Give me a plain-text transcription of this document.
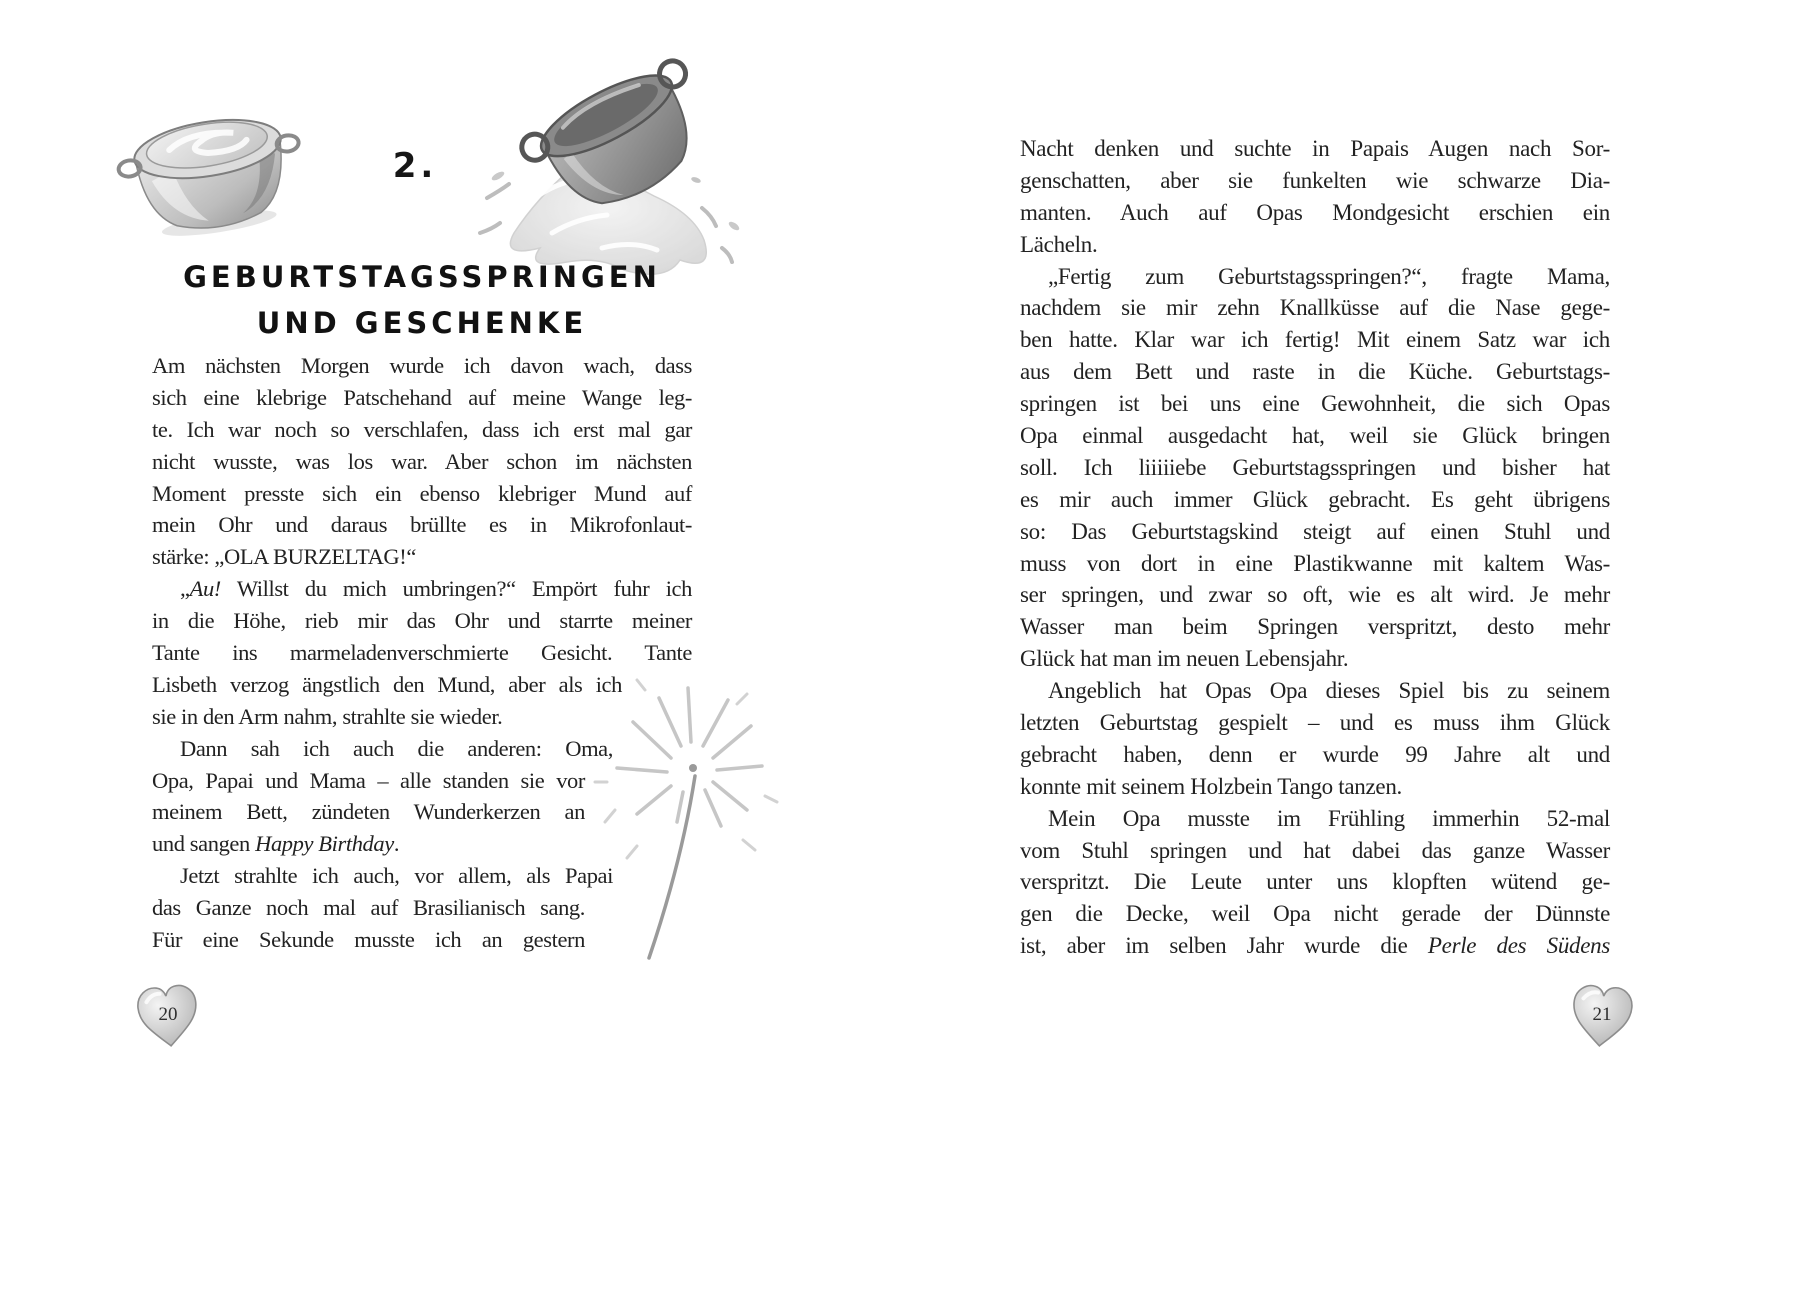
2.
GEBURTSTAGSSPRINGEN
UND GESCHENKE
Am nächsten Morgen wurde ich davon wach, dass
sich eine klebrige Patschehand auf meine Wange leg-
te. Ich war noch so verschlafen, dass ich erst mal gar
nicht wusste, was los war. Aber schon im nächsten
Moment presste sich ein ebenso klebriger Mund auf
mein Ohr und daraus brüllte es in Mikrofonlaut-
stärke: „OLA BURZELTAG!“
„Au! Willst du mich umbringen?“ Empört fuhr ich
in die Höhe, rieb mir das Ohr und starrte meiner
Tante ins marmeladenverschmierte Gesicht. Tante
Lisbeth verzog ängstlich den Mund, aber als ich
sie in den Arm nahm, strahlte sie wieder.
Dann sah ich auch die anderen: Oma,
Opa, Papai und Mama – alle standen sie vor
meinem Bett, zündeten Wunderkerzen an
und sangen Happy Birthday.
Jetzt strahlte ich auch, vor allem, als Papai
das Ganze noch mal auf Brasilianisch sang.
Für eine Sekunde musste ich an gestern
20
Nacht denken und suchte in Papais Augen nach Sor-
genschatten, aber sie funkelten wie schwarze Dia-
manten. Auch auf Opas Mondgesicht erschien ein
Lächeln.
„Fertig zum Geburtstagsspringen?“, fragte Mama,
nachdem sie mir zehn Knallküsse auf die Nase gege-
ben hatte. Klar war ich fertig! Mit einem Satz war ich
aus dem Bett und raste in die Küche. Geburtstags-
springen ist bei uns eine Gewohnheit, die sich Opas
Opa einmal ausgedacht hat, weil sie Glück bringen
soll. Ich liiiiiebe Geburtstagsspringen und bisher hat
es mir auch immer Glück gebracht. Es geht übrigens
so: Das Geburtstagskind steigt auf einen Stuhl und
muss von dort in eine Plastikwanne mit kaltem Was-
ser springen, und zwar so oft, wie es alt wird. Je mehr
Wasser man beim Springen verspritzt, desto mehr
Glück hat man im neuen Lebensjahr.
Angeblich hat Opas Opa dieses Spiel bis zu seinem
letzten Geburtstag gespielt – und es muss ihm Glück
gebracht haben, denn er wurde 99 Jahre alt und
konnte mit seinem Holzbein Tango tanzen.
Mein Opa musste im Frühling immerhin 52-mal
vom Stuhl springen und hat dabei das ganze Wasser
verspritzt. Die Leute unter uns klopften wütend ge-
gen die Decke, weil Opa nicht gerade der Dünnste
ist, aber im selben Jahr wurde die Perle des Südens
21
